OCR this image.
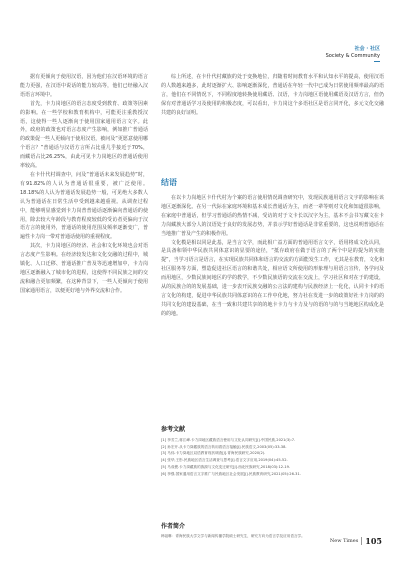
社会 · 社区
Society & Community

据有更倾向于使用汉语，因为他们在汉语环境的语言能力更强，在汉语中说话的能力较高等，他们已经融入汉语语言环境中。

首先，卡力岗地区的语言态度受到教育、政策等因素的影响。在一些学校和教育机构中，可能更注重教授汉语，这使得一些人逐渐向于使用国家通用语言文字。此外，政府的政策也对语言态度产生影响，例如推广普通话的政策促一些人更倾向于使用汉语，被问及“更愿意使用哪个语言？”普通话与汉语方言所占比重几乎接近于70%，而藏语占比26.25%，由此可见卡力岗地区的普通话使用率较高。

在卡什代村调查中，问及“普通话未来发展趋势”时，有91.82%的人认为普通话很重要，被广泛使用。18.18%的人认为普通话发展趋势一般，可见绝大多数人认为普通话在日常生活中受到越来越重视。从调查过程中，能够明显感觉到卡力岗普普通话逐渐偏向普通话的使用，除去较大年龄段与教育程度较低的受访者更偏向于汉语方言的使用外，普通话的使用范围及频率逐渐变广，普遍性卡力岗一带对普通话使用的重视程度。

其次，卡力岗地区的经济、社会和文化环境也会对语言态度产生影响。在经济较发达和文化交融的过程中，城镇化、人口迁移、普通话推广普及等迅速增加中，卡力岗地区逐渐融入了城市化的进程，这使得不同民族之间的交流和融合更加频繁，在这种背景下，一些人更倾向于使用国家通用语言，以便更好地与外界交流和合作。

综上所述，在卡什代村藏族的处于变换地位，归随着时间教育水平和认知水平的提高，使用汉语的人数越来越多，此时逐渐扩大、影响逐渐深化，普通话在年轻一代中已成为日常使用频率最高的语言，他们在不同情况下，不同程度地转换使用藏语、汉语，卡力岗地区语使用藏语及汉语方言，但仍保有对普通话学习及使用的积极态度，可以看出，卡力岗这个多语社区是语言同开化，多元文化交融共建的良好证明。

结语

在以卡力岗地区卡什代村为个案的语言使用情况调查研究中，发现民族通用语言文字的影响在该地区逐渐深化。在另一代际在家庭环境和基本成长普通话为主，而老一辈等则对文化和知道很影响，在家庭中普通话，但学习普通话的热情不减，受访的对于文卡长以汉字为主，基本不会书写藏文在卡力岗藏族大部分人的汉语处于良好的发展态势，并表示学好普通话是非常重要的，这也说明普通话在当地推广普及产生的积极作用。

文化模是相以同是此基，是当言文学，而此相广益方面的普通用语言文字，语用将成文化认同，是具备和领中华民族共同体意识的显要的途径，“抵存政府在做于语言的了两个中是的提为的实施提”，当学习语言是语言，在实现民族共同体和语言的交流的方面能发生工作，无其是在教育，文化和社区服务等方面，塑造促进社区语言的和谐共处，相应语文所使用的形象理与用语言宣传，各学问及而用地区，少数民族间地区的学的教学，不少数民族语的交流在交流上，学习社区和对在于的建设，从的民族合的的发展基础，进一步表开民族交融的公言法的建构与民族经济上一化化，认同卡卡的语言文化的构建，促进中华民族共同体意识的在工作中化地，努力社在发进一步的政策好社卡力岗的的共同文化的建设基础，在当一致和共建共享的的地卡卡力与卡力及与的语的与的与当地地区构成化是的的地。

参考文献
[1] 李芳兰,蒋江峰.卡力岗地区藏族语言使用与文化认同研究[J].中国民族,2021(3):7.
[2] 孙宏开.从卡力岗藏族的语言转用看语言接触[J].民族语文,2003(05):33-38.
[3] 马伟.卡力岗地区双语教育现状调查[J].青海民族研究,2020(2).
[4] 张华,王彤.民族地区语言生活调查与思考[J].语言文字应用,2019(04):45-52.
[5] 马成俊.卡力岗藏族的族源与文化变迁研究[J].西北民族研究,2018(03):12-19.
[6] 李强.国家通用语言文字推广与民族地区社会发展[J].民族教育研究,2021(05):26-31.
作者简介
韩祖琳：青海民族大学文学与新闻传播学院硕士研究生，研究方向为语言学及应用语言学。
New Times 105
